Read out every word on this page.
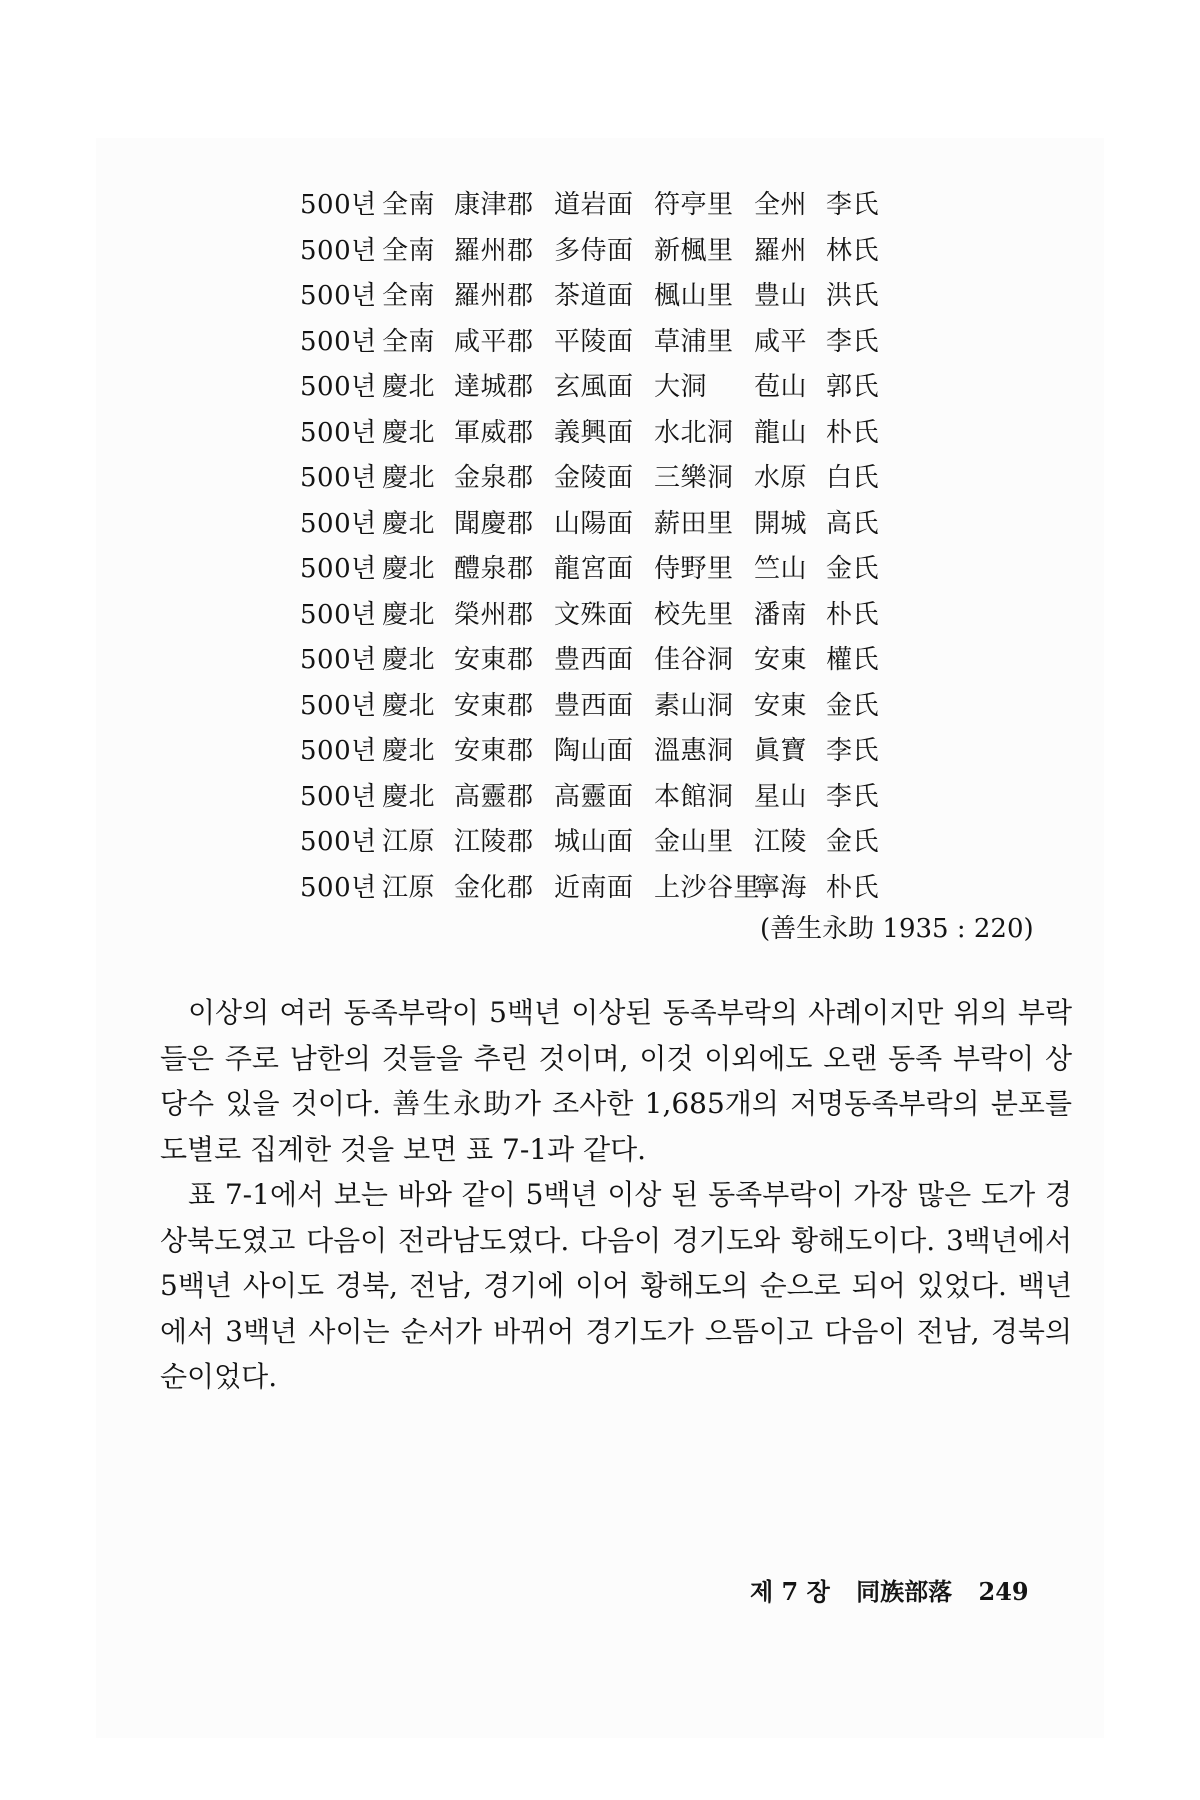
500년 全南 康津郡 道岩面 符亭里 全州 李氏
500년 全南 羅州郡 多侍面 新楓里 羅州 林氏
500년 全南 羅州郡 茶道面 楓山里 豊山 洪氏
500년 全南 咸平郡 平陵面 草浦里 咸平 李氏
500년 慶北 達城郡 玄風面 大洞	苞山 郭氏
500년 慶北 軍威郡 義興面 水北洞 龍山 朴氏
500년 慶北 金泉郡 金陵面 三樂洞 水原 白氏
500년 慶北 聞慶郡 山陽面 薪田里 開城 高氏
500년 慶北 醴泉郡 龍宮面 侍野里 竺山 金氏
500년 慶北 榮州郡 文殊面 校先里 潘南 朴氏
500년 慶北 安東郡 豊西面 佳谷洞 安東 權氏
500년 慶北 安東郡 豊西面 素山洞 安東 金氏
500년 慶北 安東郡 陶山面 溫惠洞 眞寶 李氏
500년 慶北 高靈郡 高靈面 本館洞 星山 李氏
500년 江原 江陵郡 城山面 金山里 江陵 金氏
500년 江原 金化郡 近南面 上沙谷里
寧海 朴氏
(善生永助 1935 : 220)

이상의 여러 동족부락이 5백년 이상된 동족부락의 사례이지만 위의 부락들은 주로 남한의 것들을 추린 것이며, 이것 이외에도 오랜 동족 부락이 상당수 있을 것이다. 善生永助가 조사한 1,685개의 저명동족부락의 분포를 도별로 집계한 것을 보면 표 7-1과 같다.

표 7-1에서 보는 바와 같이 5백년 이상 된 동족부락이 가장 많은 도가 경상북도였고 다음이 전라남도였다. 다음이 경기도와 황해도이다. 3백년에서 5백년 사이도 경북, 전남, 경기에 이어 황해도의 순으로 되어 있었다. 백년에서 3백년 사이는 순서가 바뀌어 경기도가 으뜸이고 다음이 전남, 경북의 순이었다.

제 7 장 同族部落 249
